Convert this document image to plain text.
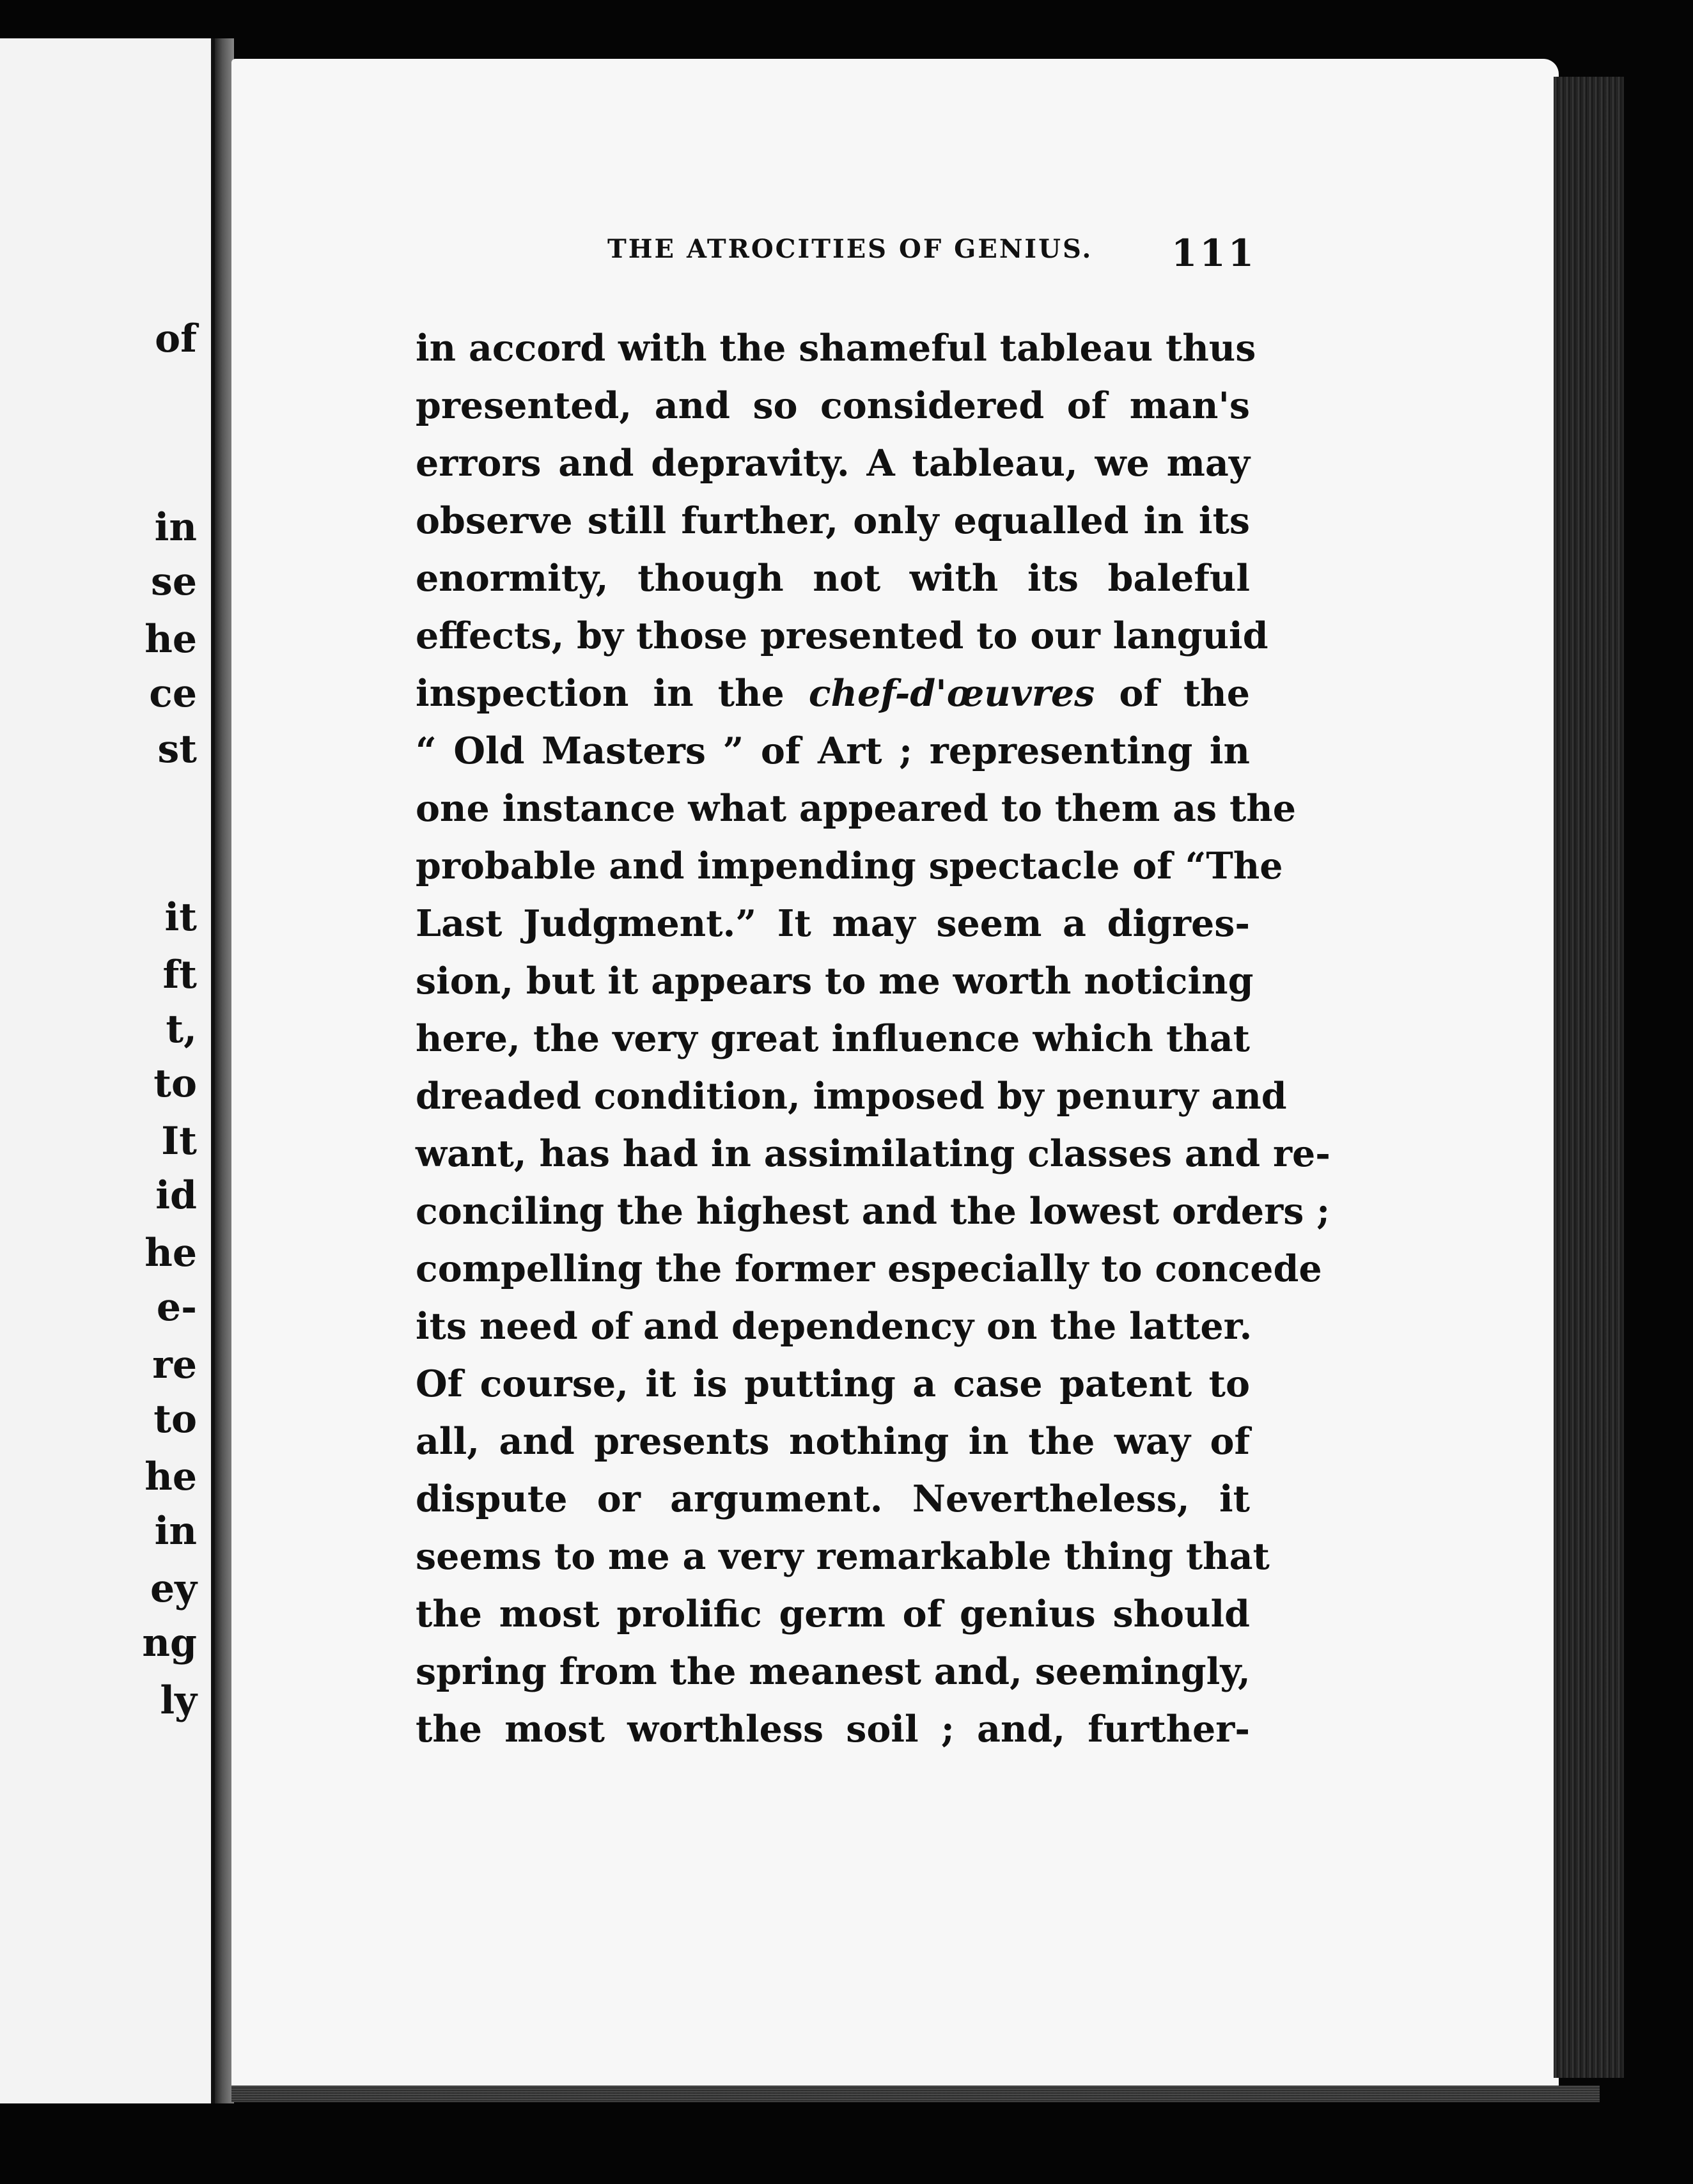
of
in
se
he
ce
st
it
ft
t,
to
It
id
he
e-
re
to
he
in
ey
ng
ly
THE ATROCITIES OF GENIUS.	111
in accord with the shameful tableau thus
presented, and so considered of man's
errors and depravity. A tableau, we may
observe still further, only equalled in its
enormity, though not with its baleful
effects, by those presented to our languid
inspection in the chef-d'œuvres of the
“ Old Masters ” of Art ; representing in
one instance what appeared to them as the
probable and impending spectacle of “The
Last Judgment.” It may seem a digres-
sion, but it appears to me worth noticing
here, the very great influence which that
dreaded condition, imposed by penury and
want, has had in assimilating classes and re-
conciling the highest and the lowest orders ;
compelling the former especially to concede
its need of and dependency on the latter.
Of course, it is putting a case patent to
all, and presents nothing in the way of
dispute or argument. Nevertheless, it
seems to me a very remarkable thing that
the most prolific germ of genius should
spring from the meanest and, seemingly,
the most worthless soil ; and, further-
